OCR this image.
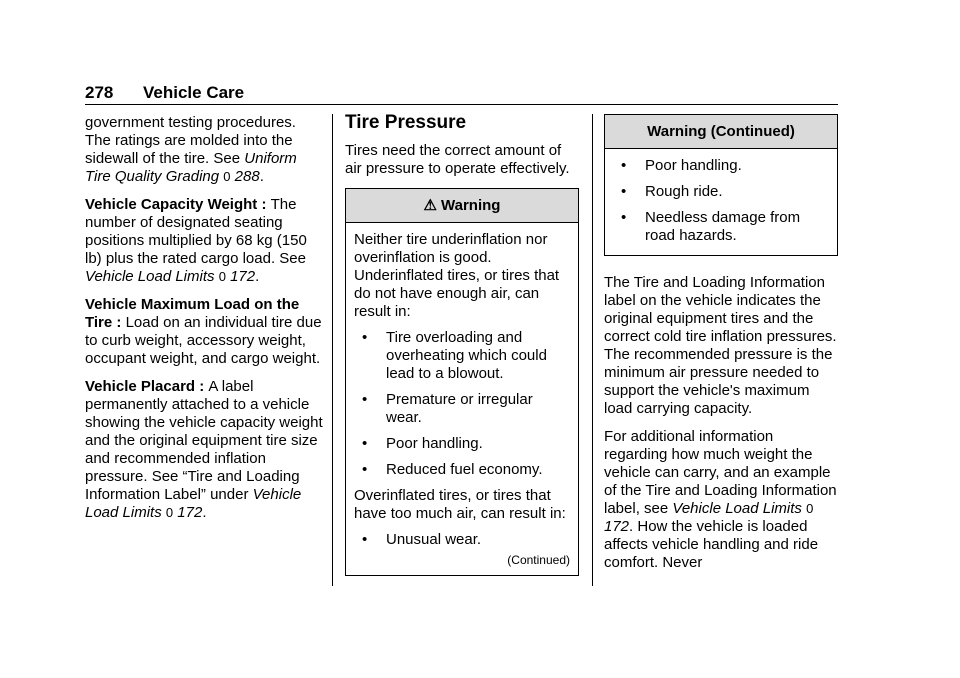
278 Vehicle Care

government testing procedures. The ratings are molded into the sidewall of the tire. See Uniform Tire Quality Grading 0 288.

Vehicle Capacity Weight : The number of designated seating positions multiplied by 68 kg (150 lb) plus the rated cargo load. See Vehicle Load Limits 0 172.

Vehicle Maximum Load on the Tire : Load on an individual tire due to curb weight, accessory weight, occupant weight, and cargo weight.

Vehicle Placard : A label permanently attached to a vehicle showing the vehicle capacity weight and the original equipment tire size and recommended inflation pressure. See “Tire and Loading Information Label” under Vehicle Load Limits 0 172.

Tire Pressure

Tires need the correct amount of air pressure to operate effectively.

⚠ Warning

Neither tire underinflation nor overinflation is good. Underinflated tires, or tires that do not have enough air, can result in:

• Tire overloading and overheating which could lead to a blowout.
• Premature or irregular wear.
• Poor handling.
• Reduced fuel economy.

Overinflated tires, or tires that have too much air, can result in:

• Unusual wear.
(Continued)
Warning (Continued)
• Poor handling.
• Rough ride.
• Needless damage from road hazards.

The Tire and Loading Information label on the vehicle indicates the original equipment tires and the correct cold tire inflation pressures. The recommended pressure is the minimum air pressure needed to support the vehicle's maximum load carrying capacity.

For additional information regarding how much weight the vehicle can carry, and an example of the Tire and Loading Information label, see Vehicle Load Limits 0 172. How the vehicle is loaded affects vehicle handling and ride comfort. Never
